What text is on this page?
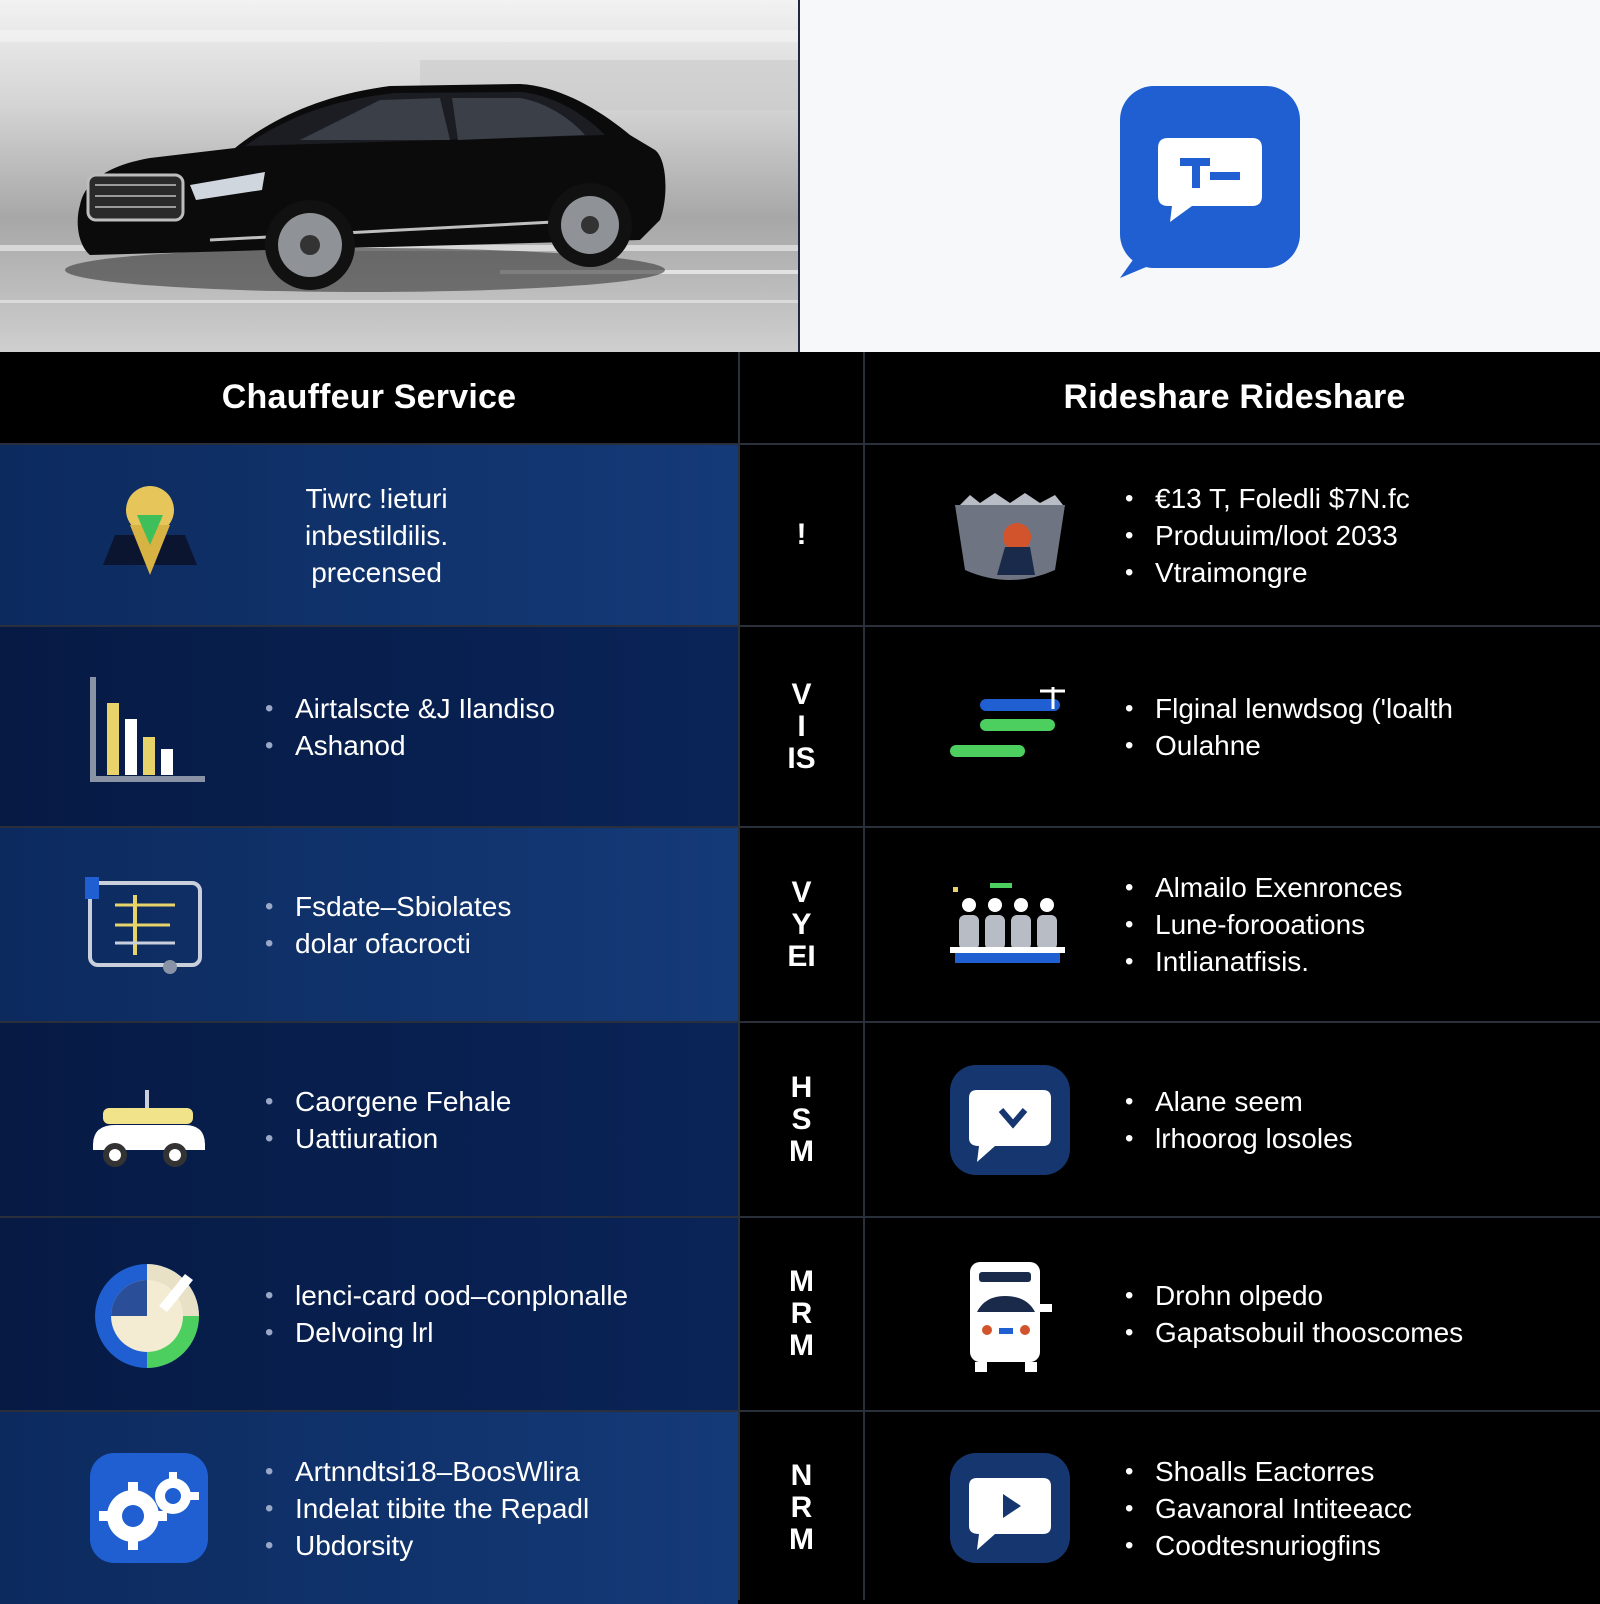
Chauffeur Service	Rideshare Rideshare
Tiwrc !ieturi
inbestildilis.
precensed
!
• €13 T, Foledli $7N.fc
• Produuim/loot 2033
• Vtraimongre
• Airtalscte &J Ilandiso
• Ashanod
V
I
IS
• Flginal lenwdsog ('loalth
• Oulahne
• Fsdate–Sbiolates
• dolar ofacrocti
V
Y
EI
• Almailo Exenronces
• Lune-forooations
• Intlianatfisis.
• Caorgene Fehale
• Uattiuration
H
S
M
• Alane seem
• lrhoorog losoles
• lenci-card ood–conplonalle
• Delvoing lrl
M
R
M
• Drohn olpedo
• Gapatsobuil thooscomes
• Artnndtsi18–BoosWlira
• Indelat tibite the Repadl
• Ubdorsity
N
R
M
• Shoalls Eactorres
• Gavanoral Intiteeacc
• Coodtesnuriogfins
